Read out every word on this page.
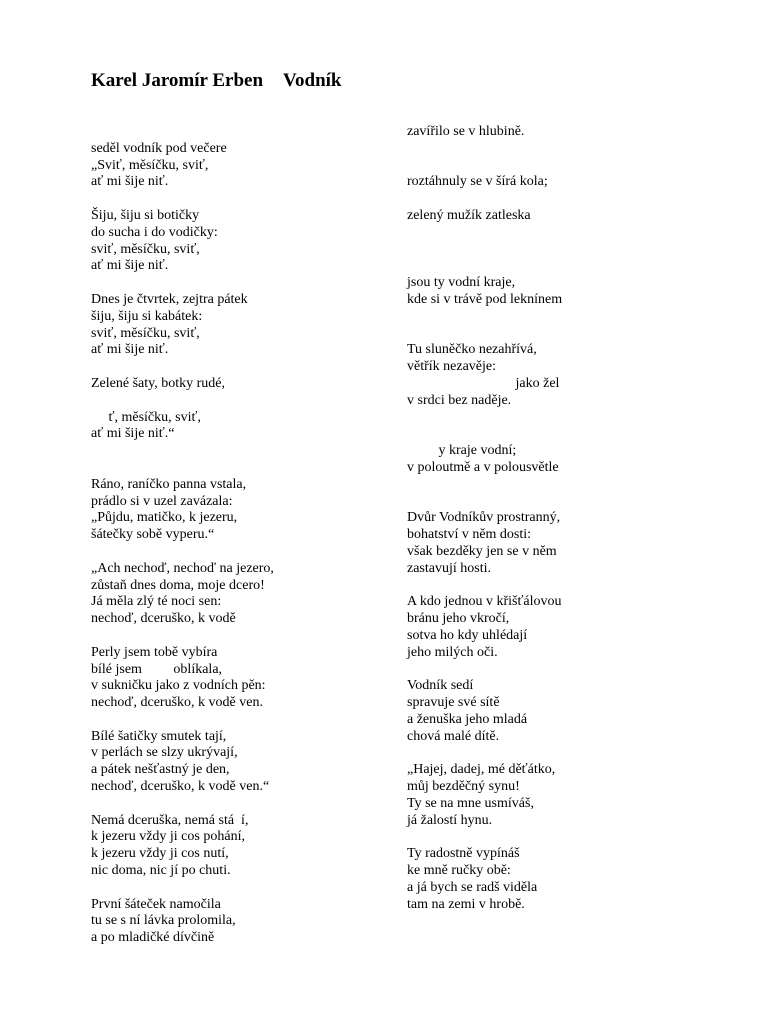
Karel Jaromír Erben Vodník
seděl vodník pod večere
„Sviť, měsíčku, sviť,
ať mi šije niť.
Šiju, šiju si botičky
do sucha i do vodičky:
sviť, měsíčku, sviť,
ať mi šije niť.
Dnes je čtvrtek, zejtra pátek
šiju, šiju si kabátek:
sviť, měsíčku, sviť,
ať mi šije niť.
Zelené šaty, botky rudé,
ť, měsíčku, sviť,
ať mi šije niť.“
Ráno, raníčko panna vstala,
prádlo si v uzel zavázala:
„Půjdu, matičko, k jezeru,
šátečky sobě vyperu.“
„Ach nechoď, nechoď na jezero,
zůstaň dnes doma, moje dcero!
Já měla zlý té noci sen:
nechoď, dceruško, k vodě
Perly jsem tobě vybíra
bílé jsem         oblíkala,
v sukničku jako z vodních pěn:
nechoď, dceruško, k vodě ven.
Bílé šatičky smutek tají,
v perlách se slzy ukrývají,
a pátek nešťastný je den,
nechoď, dceruško, k vodě ven.“
Nemá dceruška, nemá stá  í,
k jezeru vždy ji cos pohání,
k jezeru vždy ji cos nutí,
nic doma, nic jí po chuti.
První šáteček namočila
tu se s ní lávka prolomila,
a po mladičké dívčině
zavířilo se v hlubině.
roztáhnuly se v šírá kola;
zelený mužík zatleska
jsou ty vodní kraje,
kde si v trávě pod leknínem
Tu sluněčko nezahřívá,
větřík nezavěje:
jako žel
v srdci bez naděje.
y kraje vodní;
v poloutmě a v polousvětle
Dvůr Vodníkův prostranný,
bohatství v něm dosti:
však bezděky jen se v něm
zastavují hosti.
A kdo jednou v křišťálovou
bránu jeho vkročí,
sotva ho kdy uhlédají
jeho milých oči.
Vodník sedí
spravuje své sítě
a ženuška jeho mladá
chová malé dítě.
„Hajej, dadej, mé děťátko,
můj bezděčný synu!
Ty se na mne usmíváš,
já žalostí hynu.
Ty radostně vypínáš
ke mně ručky obě:
a já bych se radš viděla
tam na zemi v hrobě.
